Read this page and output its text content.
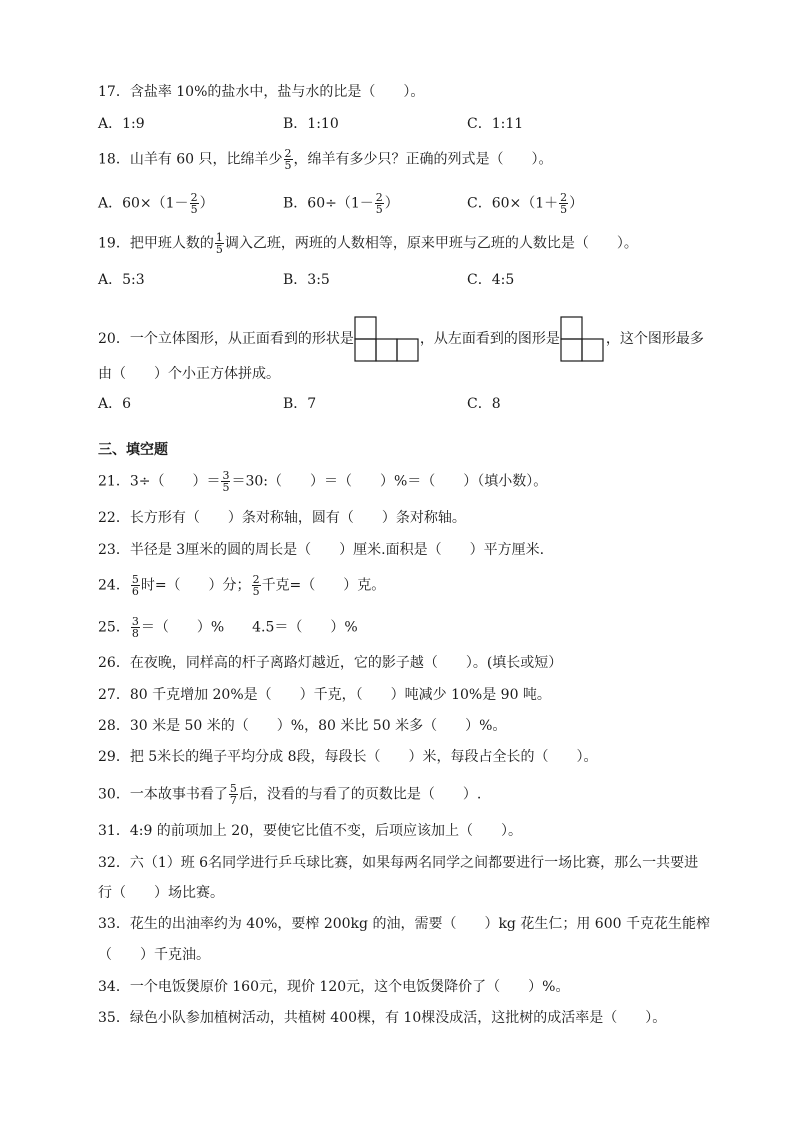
17．含盐率 10%的盐水中，盐与水的比是（　　）。
A．1:9	B．1:10	C．1:11
18．山羊有 60 只，比绵羊少 $\frac{2}{5}$ ，绵羊有多少只？正确的列式是（　　）。
A．$60\times(1- \frac{2}{5}$ ）	B．$60\div(1- \frac{2}{5}$ ）	C．$60\times(1+ \frac{2}{5}$ ）
19．把甲班人数的 $\frac{1}{5}$ 调入乙班，两班的人数相等，原来甲班与乙班的人数比是（　　）。
A．5:3	B．3:5	C．4:5
20．一个立体图形，从正面看到的形状是	，从左面看到的图形是	，这个图形最多
由（　　）个小正方体拼成。
A．6	B．7	C．8
三、填空题
21．3÷（　　）＝ $\frac{3}{5}$ ＝30:（　　）＝（　　）%＝（　　）（填小数）。
22．长方形有（　　）条对称轴，圆有（　　）条对称轴。
23．半径是 3厘米的圆的周长是（　　）厘米.面积是（　　）平方厘米.
24． $\frac{5}{6}$ 时=（　　）分； $\frac{2}{5}$ 千克=（　　）克。
25． $\frac{3}{8}$ ＝（　　）%　　4.5＝（　　）%
26．在夜晚，同样高的杆子离路灯越近，它的影子越（　　）。(填长或短）
27．80 千克增加 20%是（　　）千克，（　　）吨减少 10%是 90 吨。
28．30 米是 50 米的（　　）%，80 米比 50 米多（　　）%。
29．把 5米长的绳子平均分成 8段，每段长（　　）米，每段占全长的（　　）。
30．一本故事书看了 $\frac{5}{7}$ 后，没看的与看了的页数比是（　　）.
31．4:9 的前项加上 20，要使它比值不变，后项应该加上（　　）。
32．六（1）班 6名同学进行乒乓球比赛，如果每两名同学之间都要进行一场比赛，那么一共要进
行（　　）场比赛。
33．花生的出油率约为 40%，要榨 200kg 的油，需要（　　）kg 花生仁；用 600 千克花生能榨
（　　）千克油。
34．一个电饭煲原价 160元，现价 120元，这个电饭煲降价了（　　）%。
35．绿色小队参加植树活动，共植树 400棵，有 10棵没成活，这批树的成活率是（　　）。
